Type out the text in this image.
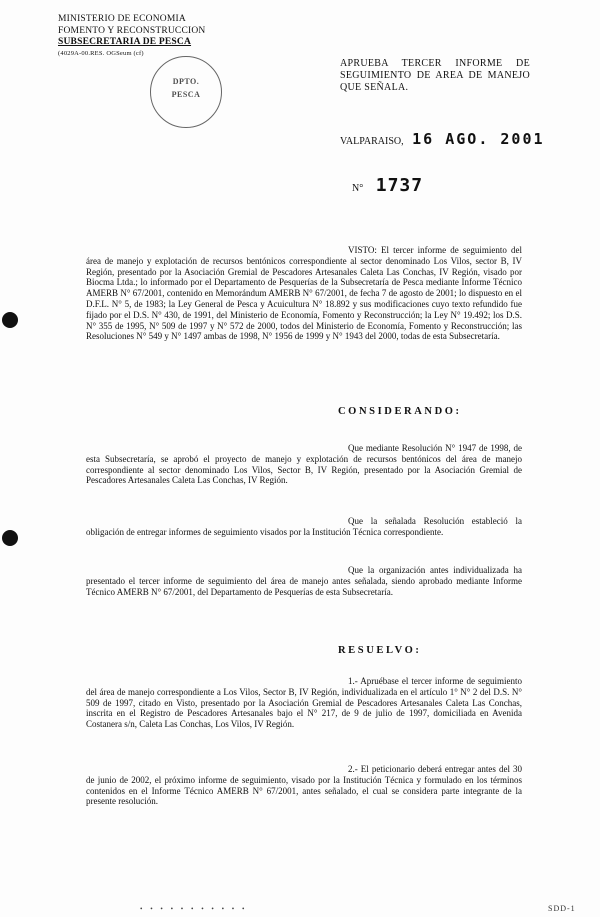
MINISTERIO DE ECONOMIA
FOMENTO Y RECONSTRUCCION
SUBSECRETARIA DE PESCA
(4029A-00.RES. OGSeum (cf)
DPTO.
PESCA
APRUEBA TERCER INFORME DE SEGUIMIENTO DE AREA DE MANEJO QUE SEÑALA.
VALPARAISO, 16 AGO. 2001
N° 1737

VISTO: El tercer informe de seguimiento del área de manejo y explotación de recursos bentónicos correspondiente al sector denominado Los Vilos, sector B, IV Región, presentado por la Asociación Gremial de Pescadores Artesanales Caleta Las Conchas, IV Región, visado por Biocma Ltda.; lo informado por el Departamento de Pesquerías de la Subsecretaría de Pesca mediante Informe Técnico AMERB N° 67/2001, contenido en Memorándum AMERB N° 67/2001, de fecha 7 de agosto de 2001; lo dispuesto en el D.F.L. N° 5, de 1983; la Ley General de Pesca y Acuicultura N° 18.892 y sus modificaciones cuyo texto refundido fue fijado por el D.S. N° 430, de 1991, del Ministerio de Economía, Fomento y Reconstrucción; la Ley N° 19.492; los D.S. N° 355 de 1995, N° 509 de 1997 y N° 572 de 2000, todos del Ministerio de Economía, Fomento y Reconstrucción; las Resoluciones N° 549 y N° 1497 ambas de 1998, N° 1956 de 1999 y N° 1943 del 2000, todas de esta Subsecretaría.

CONSIDERANDO:

Que mediante Resolución N° 1947 de 1998, de esta Subsecretaría, se aprobó el proyecto de manejo y explotación de recursos bentónicos del área de manejo correspondiente al sector denominado Los Vilos, Sector B, IV Región, presentado por la Asociación Gremial de Pescadores Artesanales Caleta Las Conchas, IV Región.

Que la señalada Resolución estableció la obligación de entregar informes de seguimiento visados por la Institución Técnica correspondiente.

Que la organización antes individualizada ha presentado el tercer informe de seguimiento del área de manejo antes señalada, siendo aprobado mediante Informe Técnico AMERB N° 67/2001, del Departamento de Pesquerías de esta Subsecretaría.

RESUELVO:

1.- Apruébase el tercer informe de seguimiento del área de manejo correspondiente a Los Vilos, Sector B, IV Región, individualizada en el artículo 1° N° 2 del D.S. N° 509 de 1997, citado en Visto, presentado por la Asociación Gremial de Pescadores Artesanales Caleta Las Conchas, inscrita en el Registro de Pescadores Artesanales bajo el N° 217, de 9 de julio de 1997, domiciliada en Avenida Costanera s/n, Caleta Las Conchas, Los Vilos, IV Región.

2.- El peticionario deberá entregar antes del 30 de junio de 2002, el próximo informe de seguimiento, visado por la Institución Técnica y formulado en los términos contenidos en el Informe Técnico AMERB N° 67/2001, antes señalado, el cual se considera parte integrante de la presente resolución.

• • • • • • • • • • •	SDD-1
